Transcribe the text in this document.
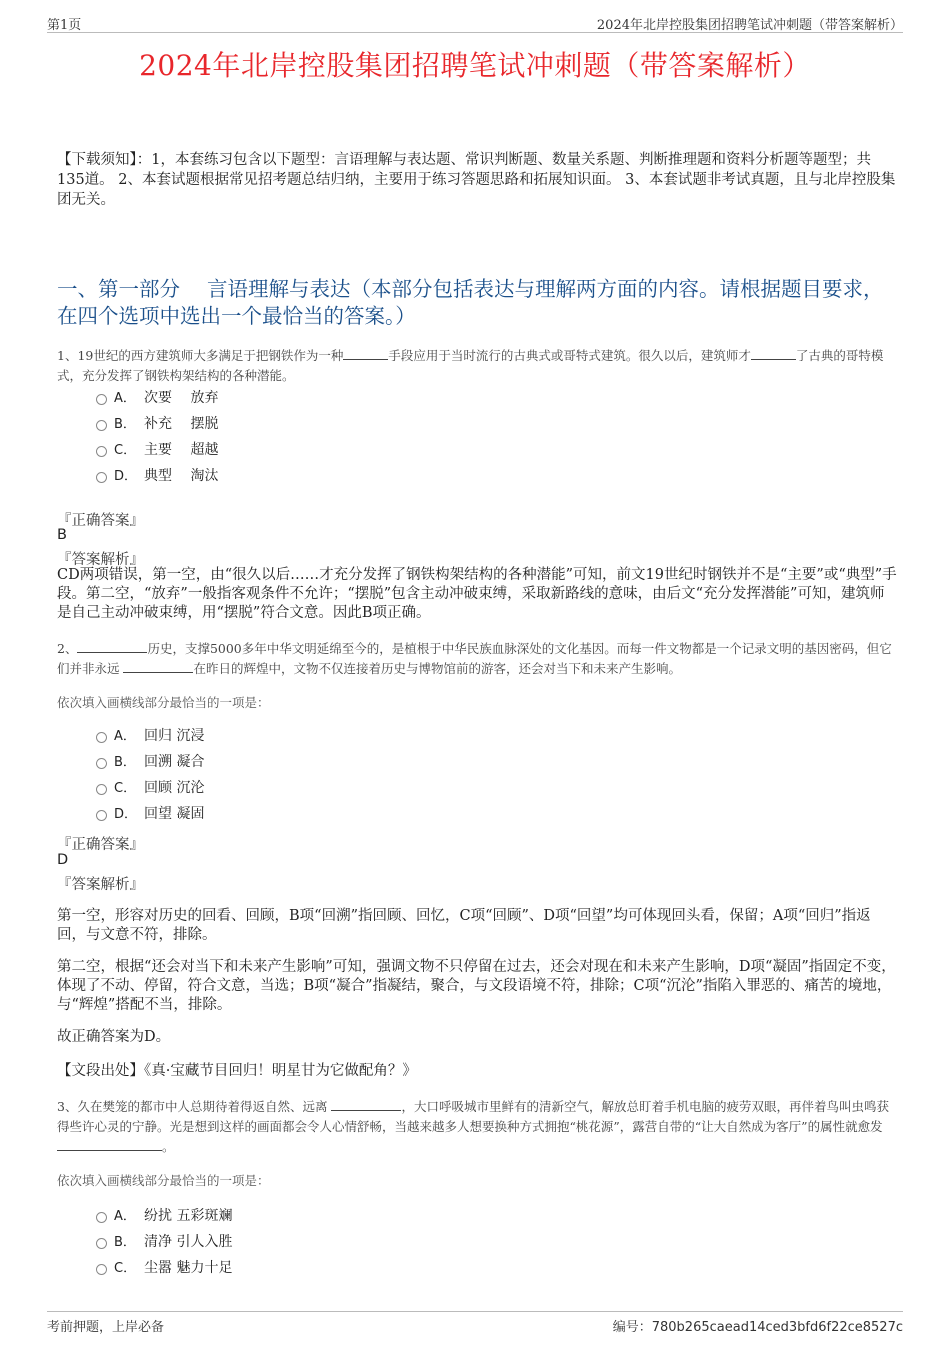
第1页	2024年北岸控股集团招聘笔试冲刺题（带答案解析）
2024年北岸控股集团招聘笔试冲刺题（带答案解析）

【下载须知】：1，本套练习包含以下题型：言语理解与表达题、常识判断题、数量关系题、判断推理题和资料分析题等题型；共135道。 2、本套试题根据常见招考题总结归纳，主要用于练习答题思路和拓展知识面。 3、本套试题非考试真题，且与北岸控股集团无关。

一、第一部分　 言语理解与表达（本部分包括表达与理解两方面的内容。请根据题目要求，在四个选项中选出一个最恰当的答案。）

1、19世纪的西方建筑师大多满足于把钢铁作为一种	手段应用于当时流行的古典式或哥特式建筑。很久以后，建筑师才	了古典的哥特模式，充分发挥了钢铁构架结构的各种潜能。

A． 次要　 放弃
B． 补充　 摆脱
C． 主要　 超越
D． 典型　 淘汰

『正确答案』

B

『答案解析』

CD两项错误，第一空，由“很久以后……才充分发挥了钢铁构架结构的各种潜能”可知，前文19世纪时钢铁并不是“主要”或“典型”手段。第二空，“放弃”一般指客观条件不允许；“摆脱”包含主动冲破束缚，采取新路线的意味，由后文“充分发挥潜能”可知，建筑师是自己主动冲破束缚，用“摆脱”符合文意。因此B项正确。

2、	历史，支撑5000多年中华文明延绵至今的，是植根于中华民族血脉深处的文化基因。而每一件文物都是一个记录文明的基因密码，但它们并非永远	在昨日的辉煌中，文物不仅连接着历史与博物馆前的游客，还会对当下和未来产生影响。

依次填入画横线部分最恰当的一项是：

A． 回归 沉浸
B． 回溯 凝合
C． 回顾 沉沦
D． 回望 凝固

『正确答案』

D

『答案解析』

第一空，形容对历史的回看、回顾，B项“回溯”指回顾、回忆，C项“回顾”、D项“回望”均可体现回头看，保留；A项“回归”指返回，与文意不符，排除。

第二空，根据“还会对当下和未来产生影响”可知，强调文物不只停留在过去，还会对现在和未来产生影响，D项“凝固”指固定不变，体现了不动、停留，符合文意，当选；B项“凝合”指凝结，聚合，与文段语境不符，排除；C项“沉沦”指陷入罪恶的、痛苦的境地，与“辉煌”搭配不当，排除。

故正确答案为D。

【文段出处】《真·宝藏节目回归！明星甘为它做配角？》

3、久在樊笼的都市中人总期待着得返自然、远离	，大口呼吸城市里鲜有的清新空气，解放总盯着手机电脑的疲劳双眼，再伴着鸟叫虫鸣获得些许心灵的宁静。光是想到这样的画面都会令人心情舒畅，当越来越多人想要换种方式拥抱“桃花源”，露营自带的“让大自然成为客厅”的属性就愈发。

依次填入画横线部分最恰当的一项是：

A． 纷扰 五彩斑斓
B． 清净 引人入胜
C． 尘嚣 魅力十足
考前押题，上岸必备	编号：780b265caead14ced3bfd6f22ce8527c
